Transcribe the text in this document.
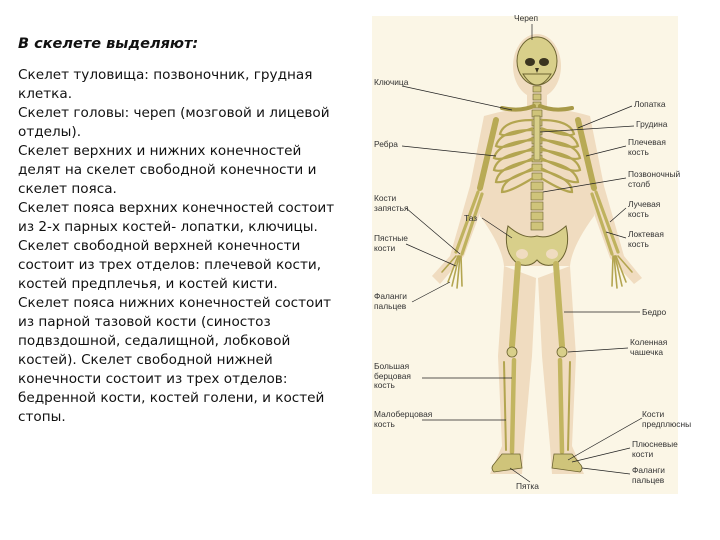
В скелете выделяют:

Скелет туловища: позвоночник, грудная клетка.

Скелет головы: череп (мозговой и лицевой отделы).

Скелет верхних и нижних конечностей делят на скелет свободной конечности и скелет пояса.

Скелет пояса верхних конечностей состоит из 2-х парных костей- лопатки, ключицы. Скелет свободной верхней конечности состоит из трех отделов: плечевой кости, костей предплечья, и костей кисти.

Скелет пояса нижних конечностей состоит из парной тазовой кости (синостоз подвздошной, седалищной, лобковой костей). Скелет свободной нижней конечности состоит из трех отделов: бедренной кости, костей голени, и костей стопы.

Череп
Ключица
Лопатка
Грудина
Ребра	Плечевая
кость
Позвоночный
столб
Лучевая
кость
Локтевая
кость
Кости
запястья
Таз
Пястные
кости
Фаланги
пальцев
Бедро
Коленная
чашечка
Большая
берцовая
кость
Малоберцовая
кость
Кости
предплюсны
Плюсневые
кости
Фаланги
пальцев
Пятка
